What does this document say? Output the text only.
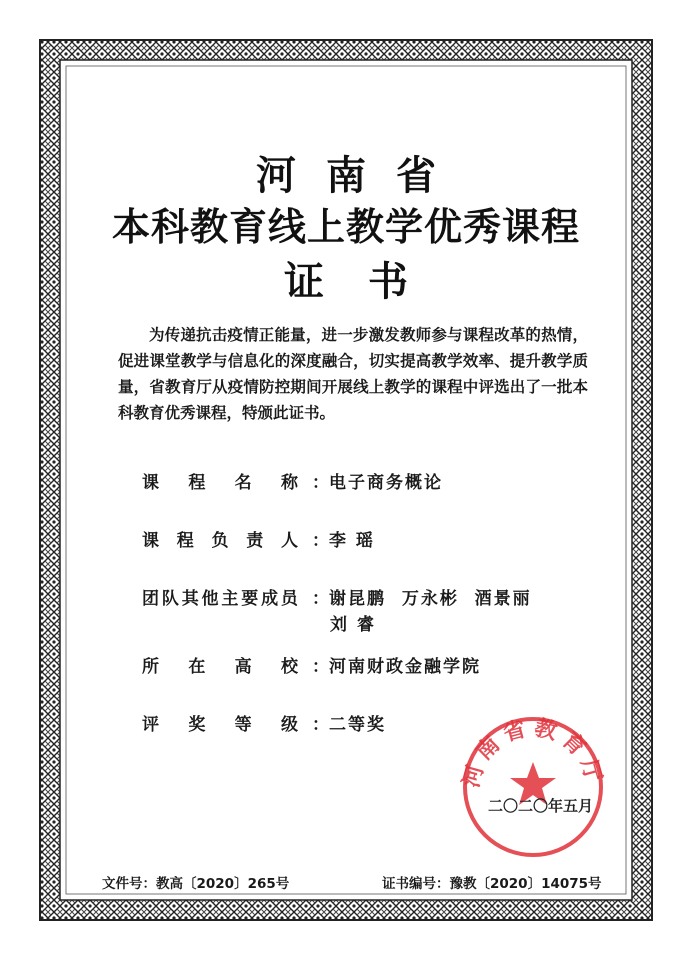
河南省
本科教育线上教学优秀课程
证书
为传递抗击疫情正能量，进一步激发教师参与课程改革的热情，促进课堂教学与信息化的深度融合，切实提高教学效率、提升教学质量，省教育厅从疫情防控期间开展线上教学的课程中评选出了一批本科教育优秀课程，特颁此证书。
课 程 名 称 ：电子商务概论
课 程 负 责 人 ：李 瑶
团 队 其 他 主 要 成 员 ：谢昆鹏  万永彬  酒景丽
刘 睿
所 在 高 校 ：河南财政金融学院
评 奖 等 级 ：二等奖
河南省教育厅
二〇二〇年五月
文件号：教高〔2020〕265号	证书编号：豫教〔2020〕14075号
